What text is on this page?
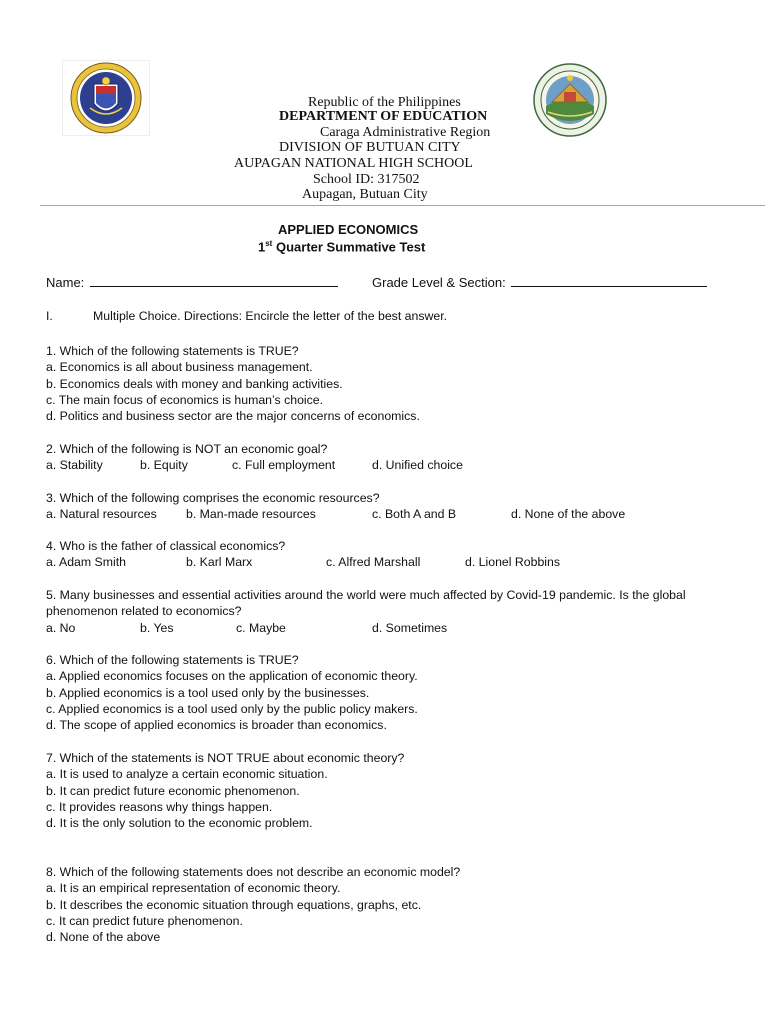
Republic of the Philippines
DEPARTMENT OF EDUCATION
Caraga Administrative Region
DIVISION OF BUTUAN CITY
AUPAGAN NATIONAL HIGH SCHOOL
School ID: 317502
Aupagan, Butuan City
APPLIED ECONOMICS
1st Quarter Summative Test
Name:	Grade Level & Section:
I.	Multiple Choice. Directions: Encircle the letter of the best answer.
1. Which of the following statements is TRUE?
a. Economics is all about business management.
b. Economics deals with money and banking activities.
c. The main focus of economics is human’s choice.
d. Politics and business sector are the major concerns of economics.
2. Which of the following is NOT an economic goal?
a. Stability	b. Equity	c. Full employment	d. Unified choice
3. Which of the following comprises the economic resources?
a. Natural resources b. Man-made resources	c. Both A and B	d. None of the above
4. Who is the father of classical economics?
a. Adam Smith	b. Karl Marx	c. Alfred Marshall	d. Lionel Robbins
5. Many businesses and essential activities around the world were much affected by Covid-19 pandemic. Is the global
phenomenon related to economics?
a. No	b. Yes	c. Maybe	d. Sometimes
6. Which of the following statements is TRUE?
a. Applied economics focuses on the application of economic theory.
b. Applied economics is a tool used only by the businesses.
c. Applied economics is a tool used only by the public policy makers.
d. The scope of applied economics is broader than economics.
7. Which of the statements is NOT TRUE about economic theory?
a. It is used to analyze a certain economic situation.
b. It can predict future economic phenomenon.
c. It provides reasons why things happen.
d. It is the only solution to the economic problem.
8. Which of the following statements does not describe an economic model?
a. It is an empirical representation of economic theory.
b. It describes the economic situation through equations, graphs, etc.
c. It can predict future phenomenon.
d. None of the above
